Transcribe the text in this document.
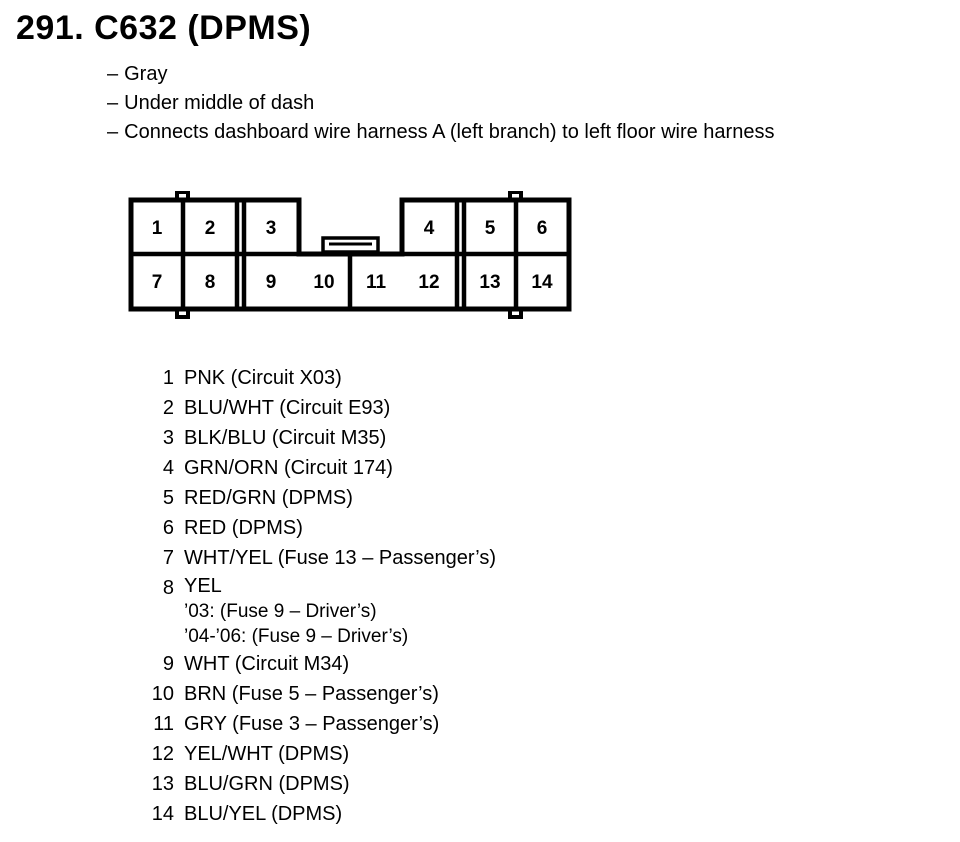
291. C632 (DPMS)
– Gray
– Under middle of dash
– Connects dashboard wire harness A (left branch) to left floor wire harness
1 2	3	4	5 6
7 8	9 10 11 12 13 14
1 PNK (Circuit X03)
2 BLU/WHT (Circuit E93)
3 BLK/BLU (Circuit M35)
4 GRN/ORN (Circuit 174)
5 RED/GRN (DPMS)
6 RED (DPMS)
7 WHT/YEL (Fuse 13 – Passenger’s)
8 YEL
’03: (Fuse 9 – Driver’s)
’04-’06: (Fuse 9 – Driver’s)
9 WHT (Circuit M34)
10 BRN (Fuse 5 – Passenger’s)
11 GRY (Fuse 3 – Passenger’s)
12 YEL/WHT (DPMS)
13 BLU/GRN (DPMS)
14 BLU/YEL (DPMS)
